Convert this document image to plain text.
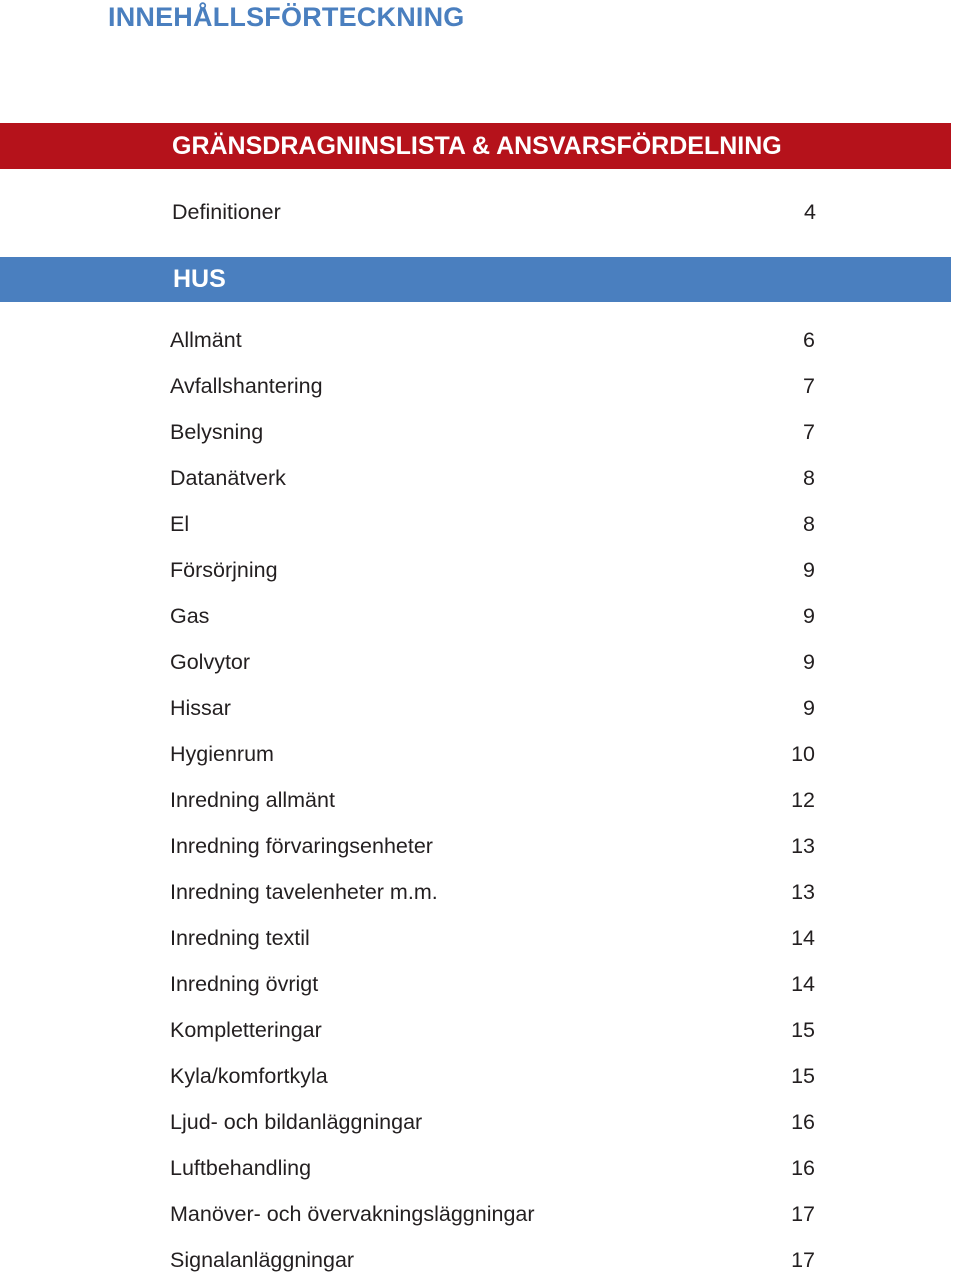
INNEHÅLLSFÖRTECKNING
GRÄNSDRAGNINSLISTA & ANSVARSFÖRDELNING
Definitioner	4
HUS
Allmänt	6
Avfallshantering	7
Belysning	7
Datanätverk	8
El	8
Försörjning	9
Gas	9
Golvytor	9
Hissar	9
Hygienrum	10
Inredning allmänt	12
Inredning förvaringsenheter	13
Inredning tavelenheter m.m.	13
Inredning textil	14
Inredning övrigt	14
Kompletteringar	15
Kyla/komfortkyla	15
Ljud- och bildanläggningar	16
Luftbehandling	16
Manöver- och övervakningsläggningar	17
Signalanläggningar	17
